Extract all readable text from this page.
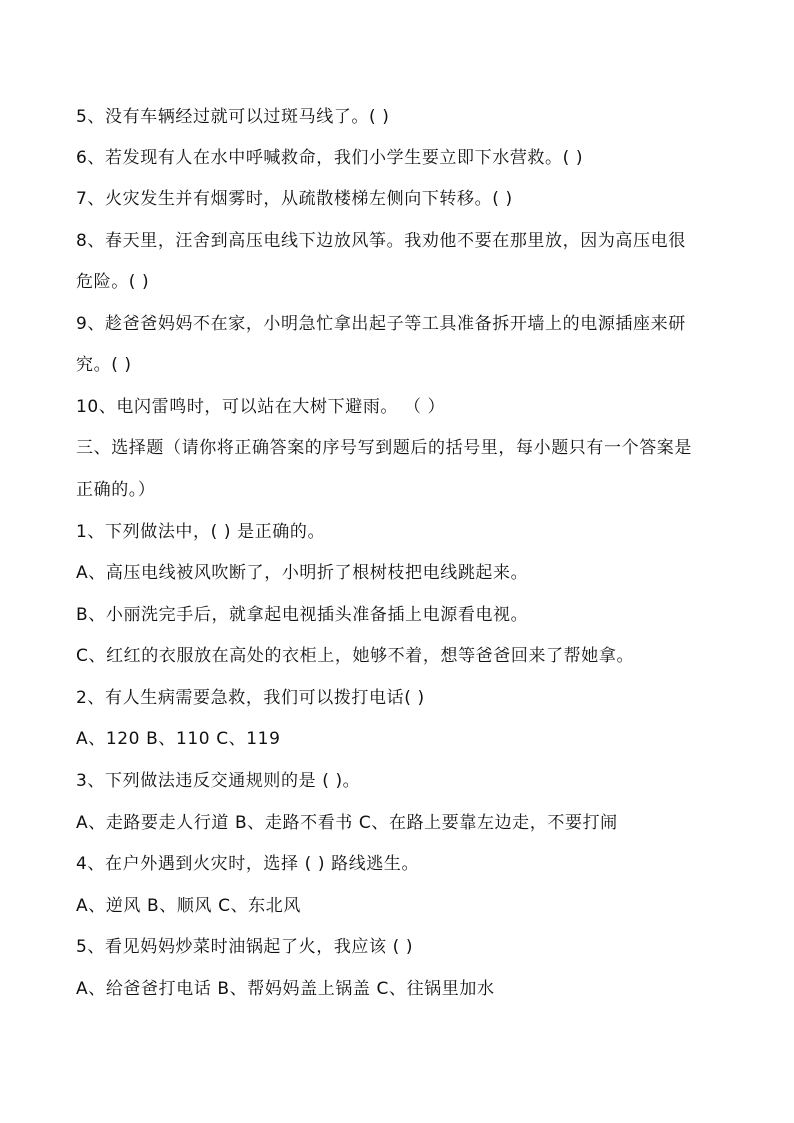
5、没有车辆经过就可以过斑马线了。( )
6、若发现有人在水中呼喊救命，我们小学生要立即下水营救。( )
7、火灾发生并有烟雾时，从疏散楼梯左侧向下转移。( )
8、春天里，汪舍到高压电线下边放风筝。我劝他不要在那里放，因为高压电很
危险。( )
9、趁爸爸妈妈不在家，小明急忙拿出起子等工具准备拆开墙上的电源插座来研
究。( )
10、电闪雷鸣时，可以站在大树下避雨。 （ ）
三、选择题（请你将正确答案的序号写到题后的括号里，每小题只有一个答案是
正确的。）
1、下列做法中，( ) 是正确的。
A、高压电线被风吹断了，小明折了根树枝把电线跳起来。
B、小丽洗完手后，就拿起电视插头准备插上电源看电视。
C、红红的衣服放在高处的衣柜上，她够不着，想等爸爸回来了帮她拿。
2、有人生病需要急救，我们可以拨打电话( )
A、120 B、110 C、119
3、下列做法违反交通规则的是 ( )。
A、走路要走人行道 B、走路不看书 C、在路上要靠左边走，不要打闹
4、在户外遇到火灾时，选择 ( ) 路线逃生。
A、逆风 B、顺风 C、东北风
5、看见妈妈炒菜时油锅起了火，我应该 ( )
A、给爸爸打电话 B、帮妈妈盖上锅盖 C、往锅里加水
